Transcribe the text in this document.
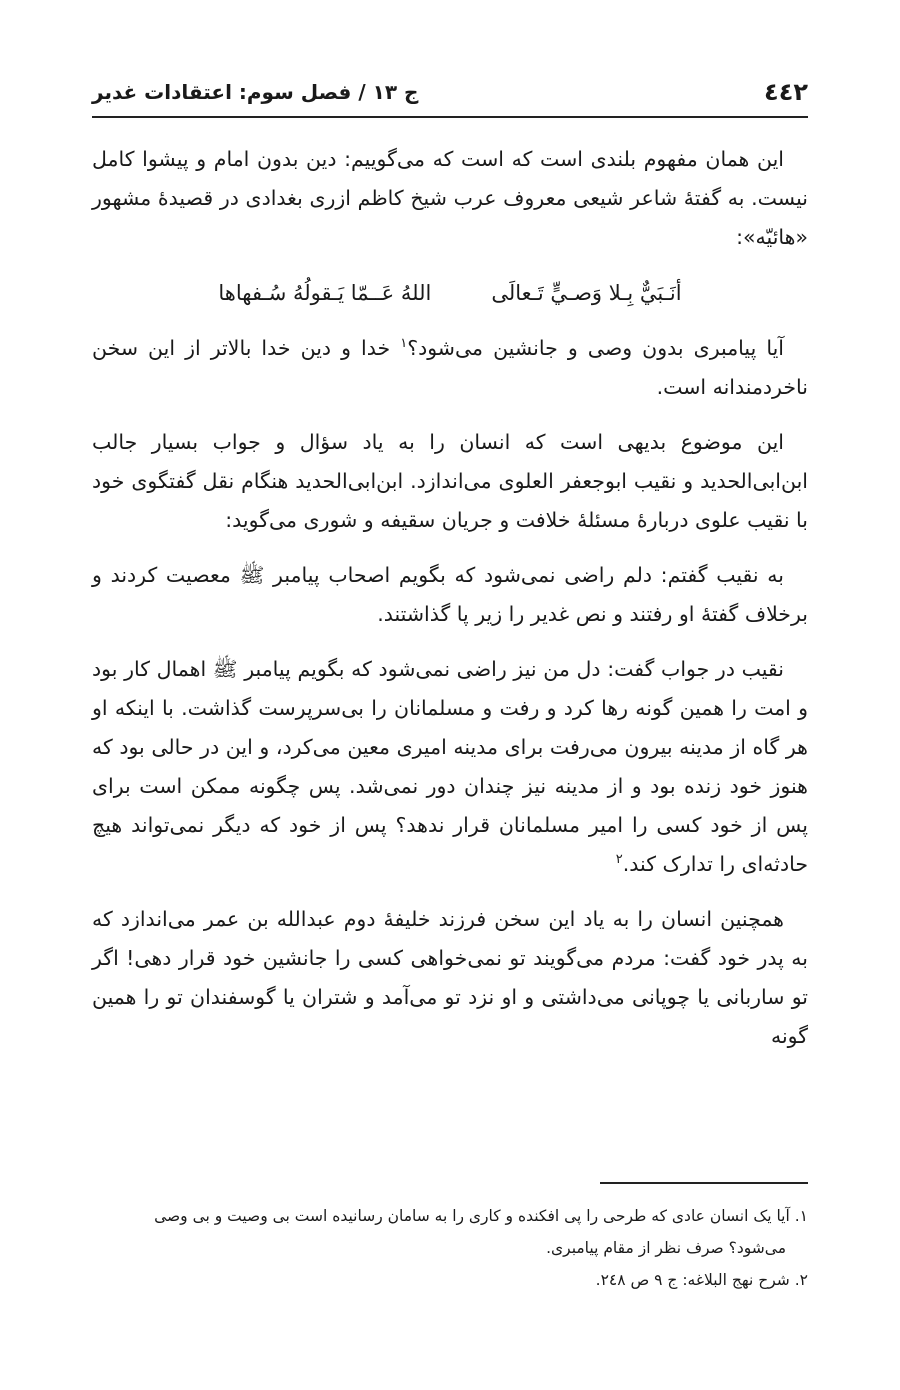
٤٤٢
ج ١٣ / فصل سوم: اعتقادات غدیر

این همان مفهوم بلندی است که است که می‌گوییم: دین بدون امام و پیشوا کامل نیست. به گفتهٔ شاعر شیعی معروف عرب شیخ کاظم ازری بغدادی در قصیدهٔ مشهور «هائیّه»:

أنَـبَيٌّ بِـلا وَصـيٍّ تَـعالَى
اللهُ عَــمّا يَـقولُهُ سُـفهاها

آیا پیامبری بدون وصی و جانشین می‌شود؟$^١$ خدا و دین خدا بالاتر از این سخن ناخردمندانه است.

این موضوع بدیهی است که انسان را به یاد سؤال و جواب بسیار جالب ابن‌ابی‌الحدید و نقیب ابوجعفر العلوی می‌اندازد. ابن‌ابی‌الحدید هنگام نقل گفتگوی خود با نقیب علوی دربارهٔ مسئلهٔ خلافت و جریان سقیفه و شوری می‌گوید:

به نقیب گفتم: دلم راضی نمی‌شود که بگویم اصحاب پیامبر ﷺ معصیت کردند و برخلاف گفتهٔ او رفتند و نص غدیر را زیر پا گذاشتند.

نقیب در جواب گفت: دل من نیز راضی نمی‌شود که بگویم پیامبر ﷺ اهمال کار بود و امت را همین گونه رها کرد و رفت و مسلمانان را بی‌سرپرست گذاشت. با اینکه او هر گاه از مدینه بیرون می‌رفت برای مدینه امیری معین می‌کرد، و این در حالی بود که هنوز خود زنده بود و از مدینه نیز چندان دور نمی‌شد. پس چگونه ممکن است برای پس از خود کسی را امیر مسلمانان قرار ندهد؟ پس از خود که دیگر نمی‌تواند هیچ حادثه‌ای را تدارک کند.$^٢$

همچنین انسان را به یاد این سخن فرزند خلیفهٔ دوم عبدالله بن عمر می‌اندازد که به پدر خود گفت: مردم می‌گویند تو نمی‌خواهی کسی را جانشین خود قرار دهی! اگر تو ساربانی یا چوپانی می‌داشتی و او نزد تو می‌آمد و شتران یا گوسفندان تو را همین گونه

١. آیا یک انسان عادی که طرحی را پی افکنده و کاری را به سامان رسانیده است بی وصیت و بی وصی
می‌شود؟ صرف نظر از مقام پیامبری.

٢. شرح نهج البلاغه: ج ٩ ص ٢٤٨.
